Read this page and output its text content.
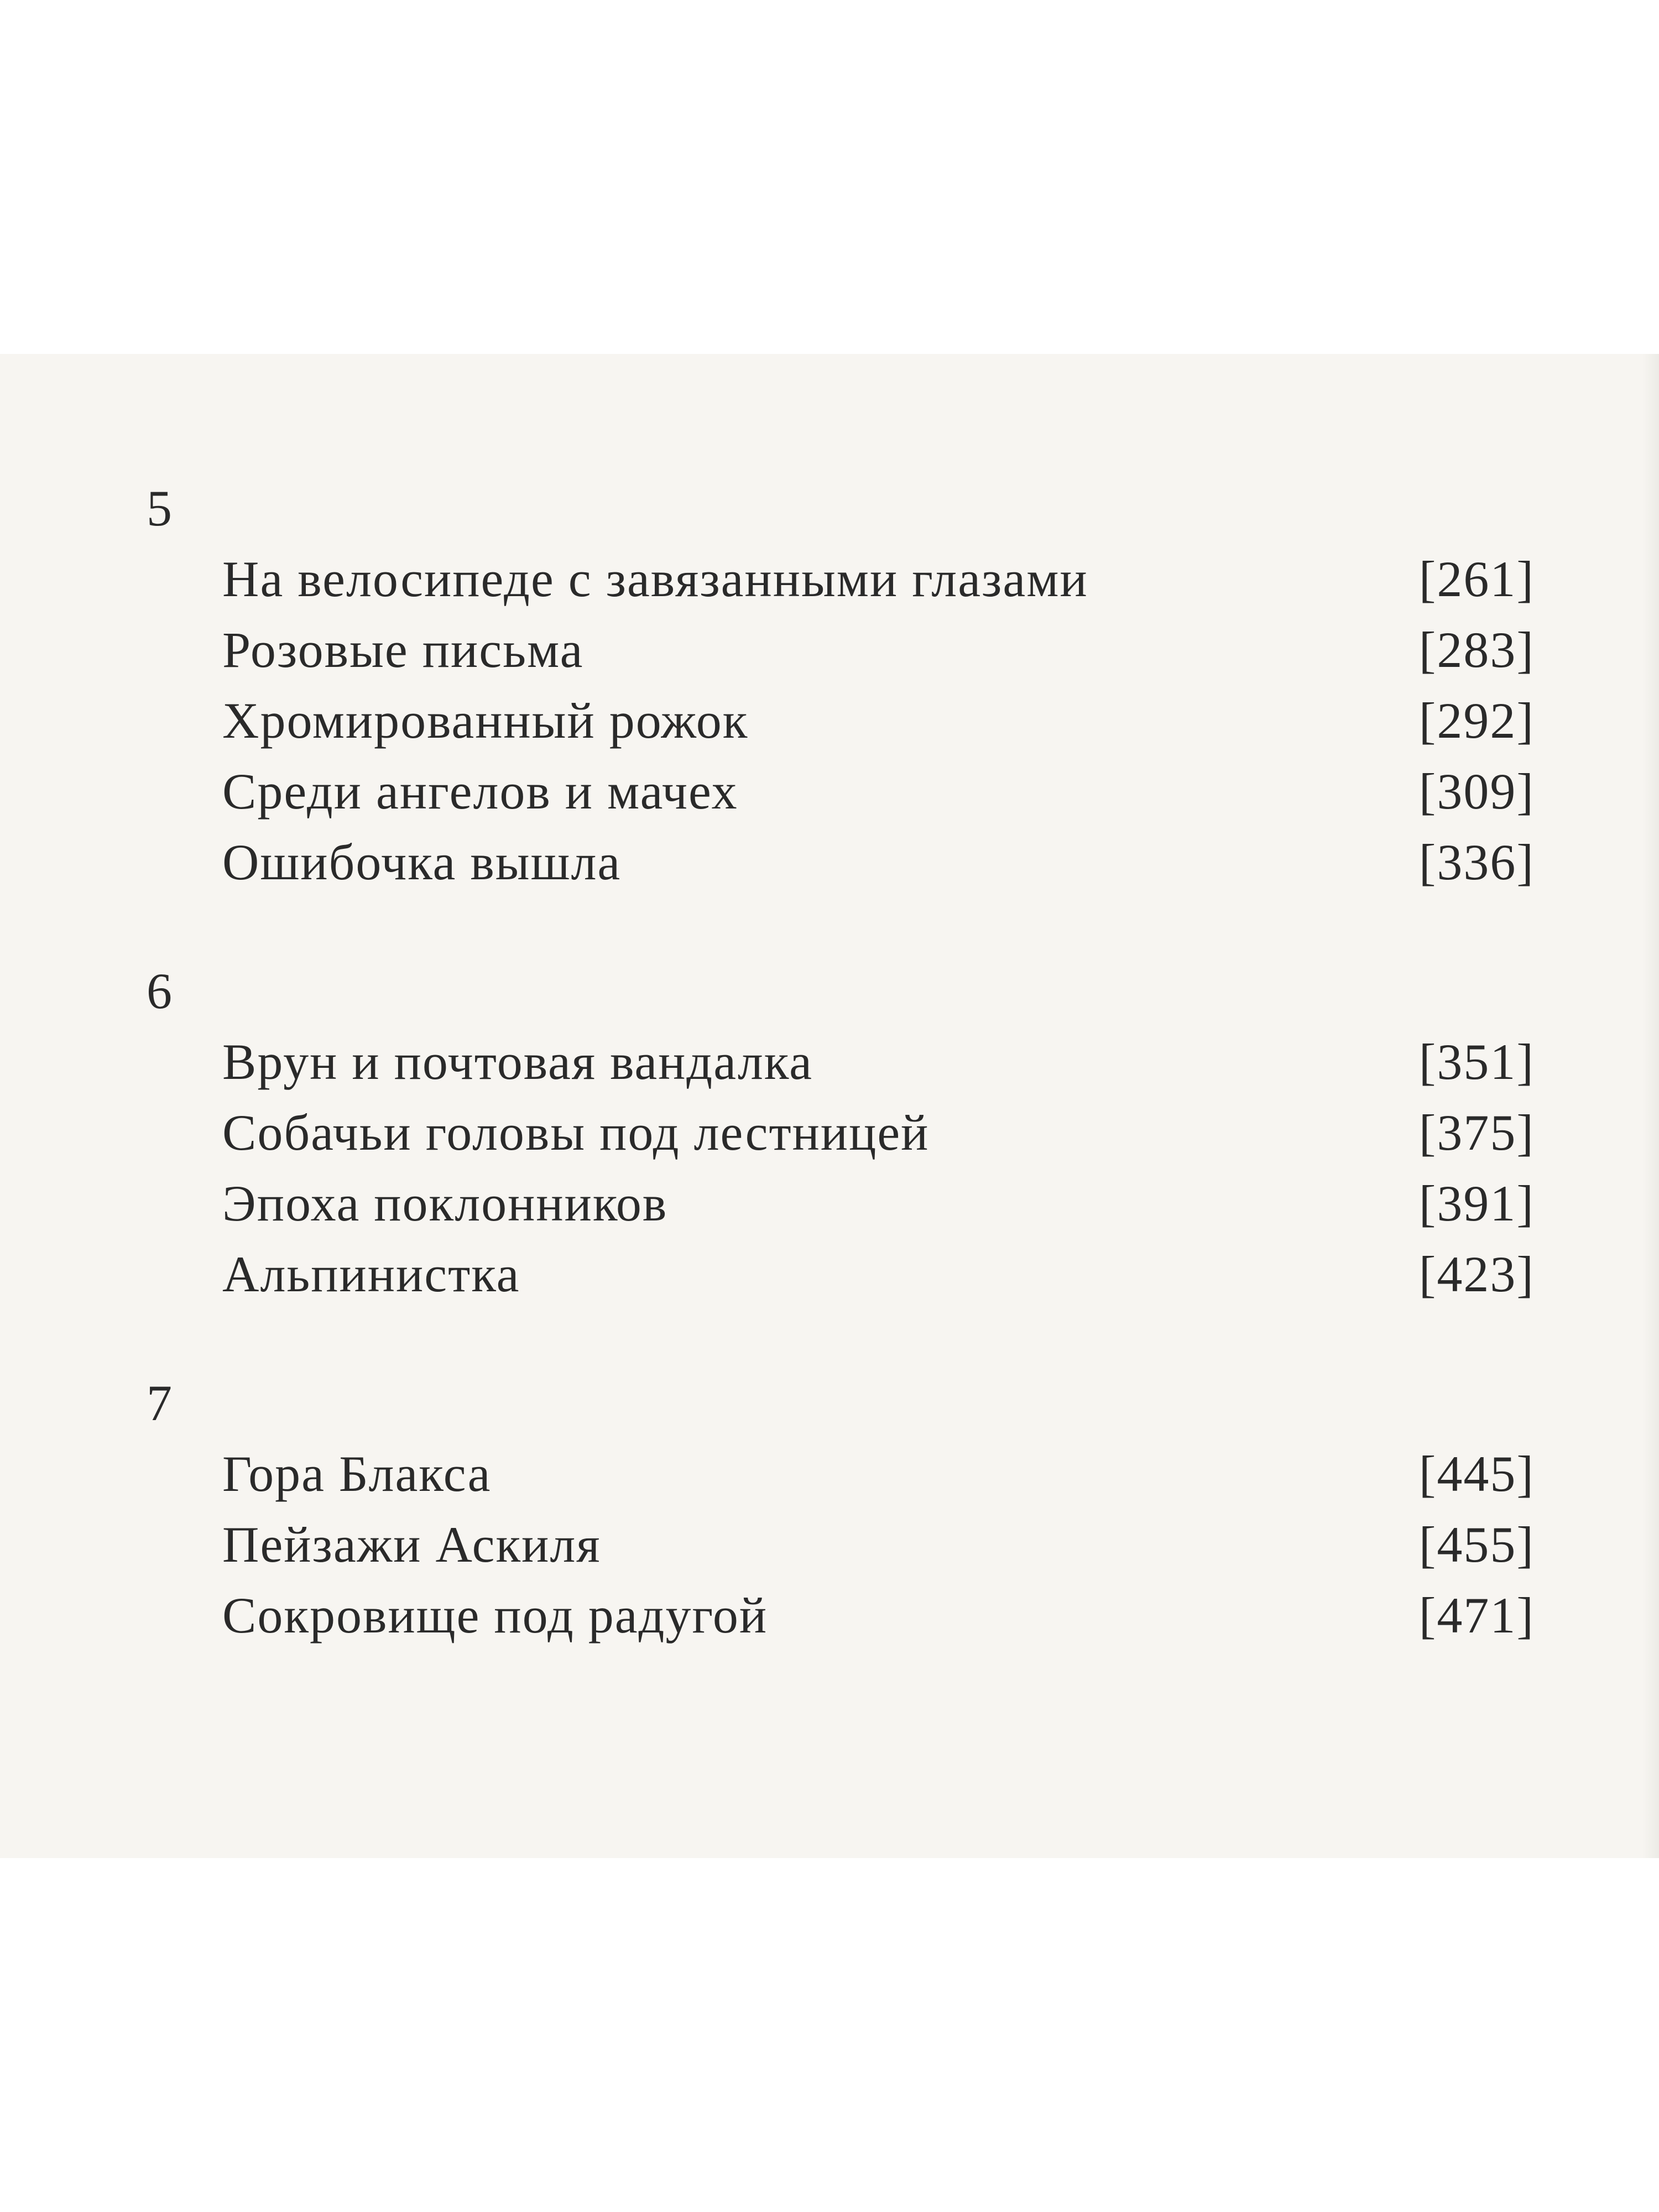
5
На велосипеде с завязанными глазами	[261]
Розовые письма	[283]
Хромированный рожок	[292]
Среди ангелов и мачех	[309]
Ошибочка вышла	[336]
6
Врун и почтовая вандалка	[351]
Собачьи головы под лестницей	[375]
Эпоха поклонников	[391]
Альпинистка	[423]
7
Гора Блакса	[445]
Пейзажи Аскиля	[455]
Сокровище под радугой	[471]
